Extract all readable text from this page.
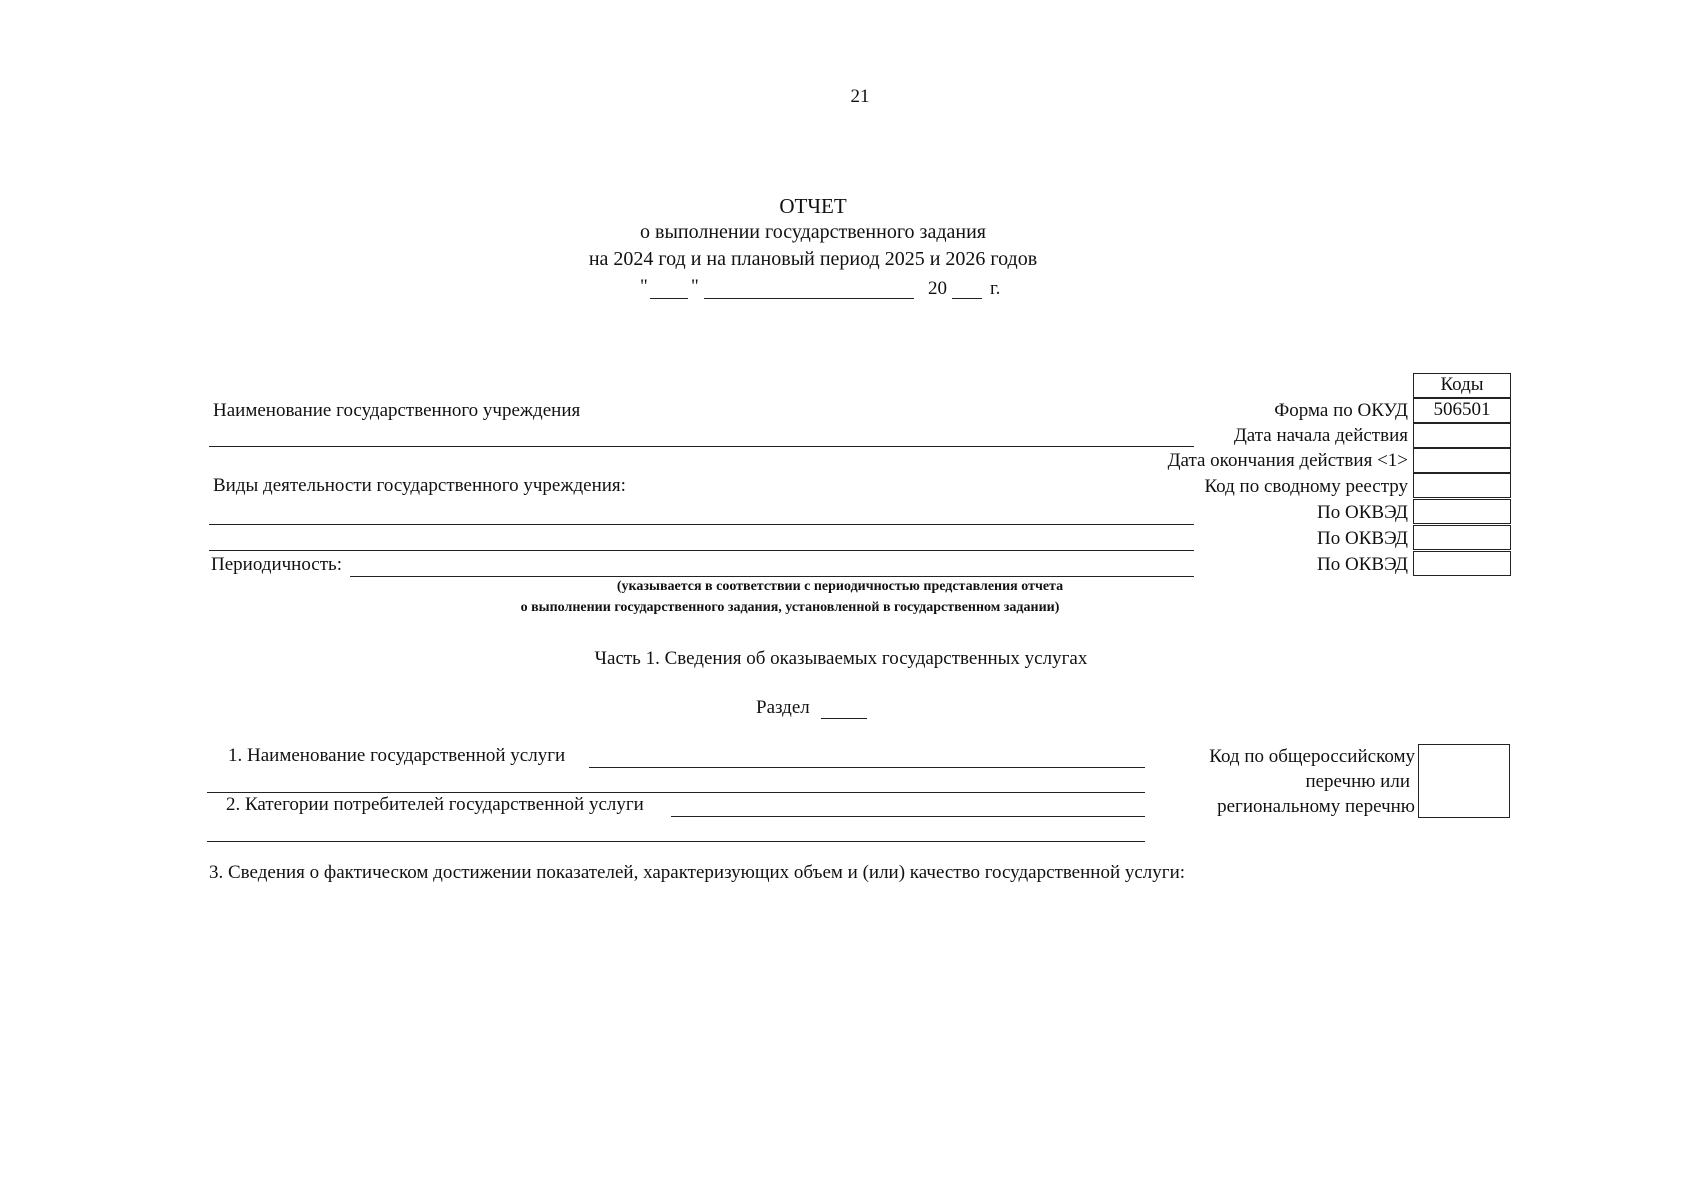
21
ОТЧЕТ
о выполнении государственного задания
на 2024 год и на плановый период 2025 и 2026 годов
" "	20 г.
Коды
506501
Форма по ОКУД
Дата начала действия
Дата окончания действия <1>
Код по сводному реестру
По ОКВЭД
По ОКВЭД
По ОКВЭД
Наименование государственного учреждения
Виды деятельности государственного учреждения:
Периодичность:
(указывается в соответствии с периодичностью представления отчета
о выполнении государственного задания, установленной в государственном задании)
Часть 1. Сведения об оказываемых государственных услугах
Раздел
1. Наименование государственной услуги
2. Категории потребителей государственной услуги
Код по общероссийскому
перечню или
региональному перечню
3. Сведения о фактическом достижении показателей, характеризующих объем и (или) качество государственной услуги:
